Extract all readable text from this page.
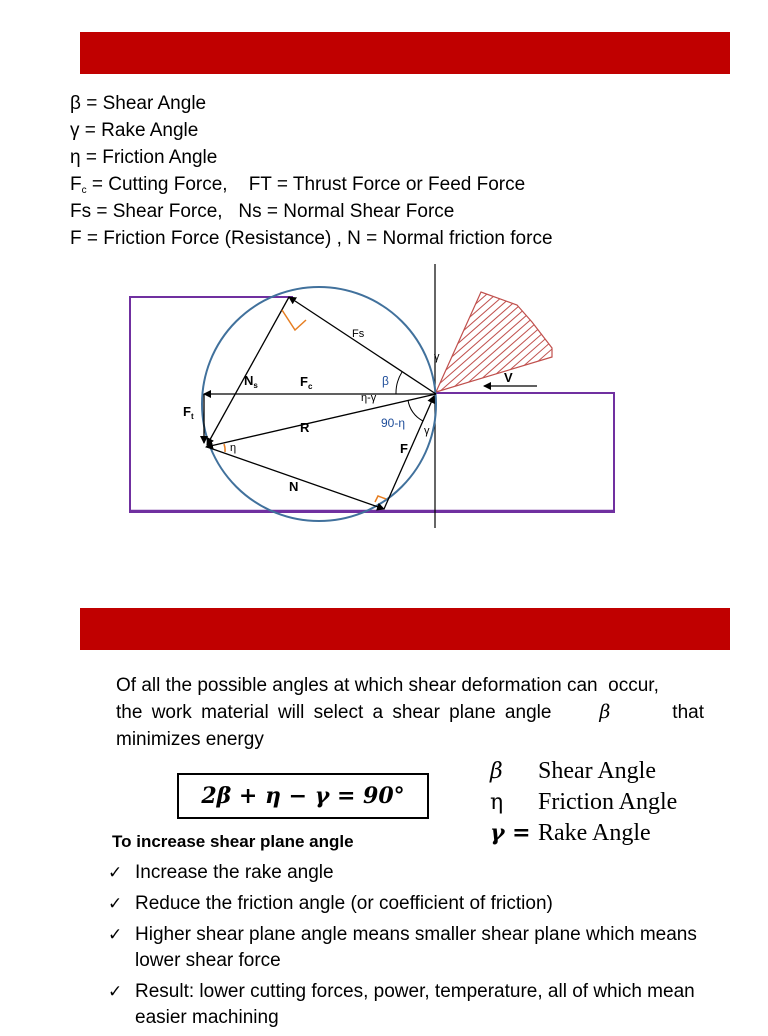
β = Shear Angle
γ = Rake Angle
η = Friction Angle
$F_c$ = Cutting Force,    FT = Thrust Force or Feed Force
Fs = Shear Force,   Ns = Normal Shear Force
F = Friction Force (Resistance) , N = Normal friction force
Fs
$N_s$	$F_c$
$F_t$
R
N
F
V
β
γ
γ
η-γ
90-η
η
Of all the possible angles at which shear deformation can  occur,
the work material will select a shear plane angle	β	that
minimizes energy
2β + η − γ = 90°
β	Shear Angle
η	Friction Angle
γ = Rake Angle
To increase shear plane angle
✓ Increase the rake angle
✓ Reduce the friction angle (or coefficient of friction)
✓ Higher shear plane angle means smaller shear plane which means lower shear force
✓ Result: lower cutting forces, power, temperature, all of which mean easier machining
